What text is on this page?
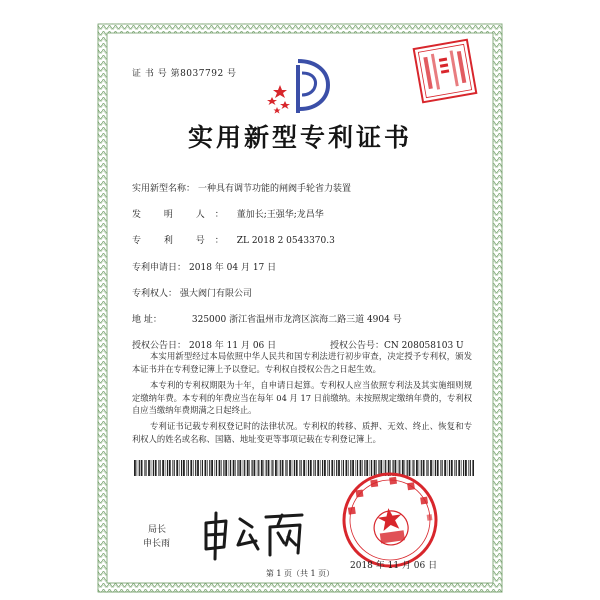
证 书 号 第8037792 号
实用新型专利证书
实用新型名称： 一种具有调节功能的闸阀手轮省力装置
发 明 人： 董加长;王强华;龙昌华
专 利 号： ZL 2018 2 0543370.3
专利申请日： 2018 年 04 月 17 日
专利权人： 强大阀门有限公司
地 址：	325000 浙江省温州市龙湾区滨海二路三道 4904 号
授权公告日： 2018 年 11 月 06 日	授权公告号：CN 208058103 U
本实用新型经过本局依照中华人民共和国专利法进行初步审查，决定授予专利权，颁发本证书并在专利登记簿上予以登记。专利权自授权公告之日起生效。
本专利的专利权期限为十年，自申请日起算。专利权人应当依照专利法及其实施细则规定缴纳年费。本专利的年费应当在每年 04 月 17 日前缴纳。未按照规定缴纳年费的，专利权自应当缴纳年费期满之日起终止。
专利证书记载专利权登记时的法律状况。专利权的转移、质押、无效、终止、恢复和专利权人的姓名或名称、国籍、地址变更等事项记载在专利登记簿上。
局长
申长雨
2018 年 11 月 06 日
第 1 页（共 1 页）
